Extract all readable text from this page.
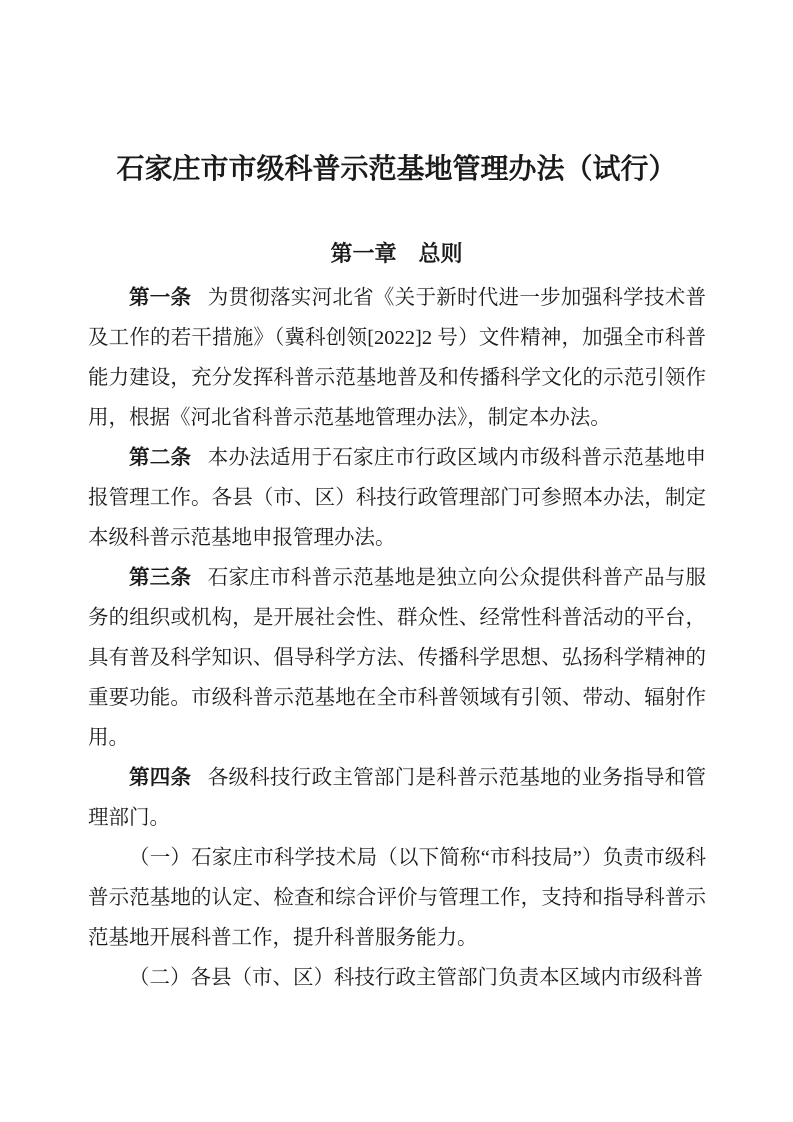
石家庄市市级科普示范基地管理办法（试行）
第一章　总则

第一条 为贯彻落实河北省《关于新时代进一步加强科学技术普及工作的若干措施》（冀科创领[2022]2 号）文件精神，加强全市科普能力建设，充分发挥科普示范基地普及和传播科学文化的示范引领作用，根据《河北省科普示范基地管理办法》，制定本办法。

第二条 本办法适用于石家庄市行政区域内市级科普示范基地申报管理工作。各县（市、区）科技行政管理部门可参照本办法，制定本级科普示范基地申报管理办法。

第三条 石家庄市科普示范基地是独立向公众提供科普产品与服务的组织或机构，是开展社会性、群众性、经常性科普活动的平台，具有普及科学知识、倡导科学方法、传播科学思想、弘扬科学精神的重要功能。市级科普示范基地在全市科普领域有引领、带动、辐射作用。

第四条 各级科技行政主管部门是科普示范基地的业务指导和管理部门。

（一）石家庄市科学技术局（以下简称“市科技局”）负责市级科普示范基地的认定、检查和综合评价与管理工作，支持和指导科普示范基地开展科普工作，提升科普服务能力。

（二）各县（市、区）科技行政主管部门负责本区域内市级科普
